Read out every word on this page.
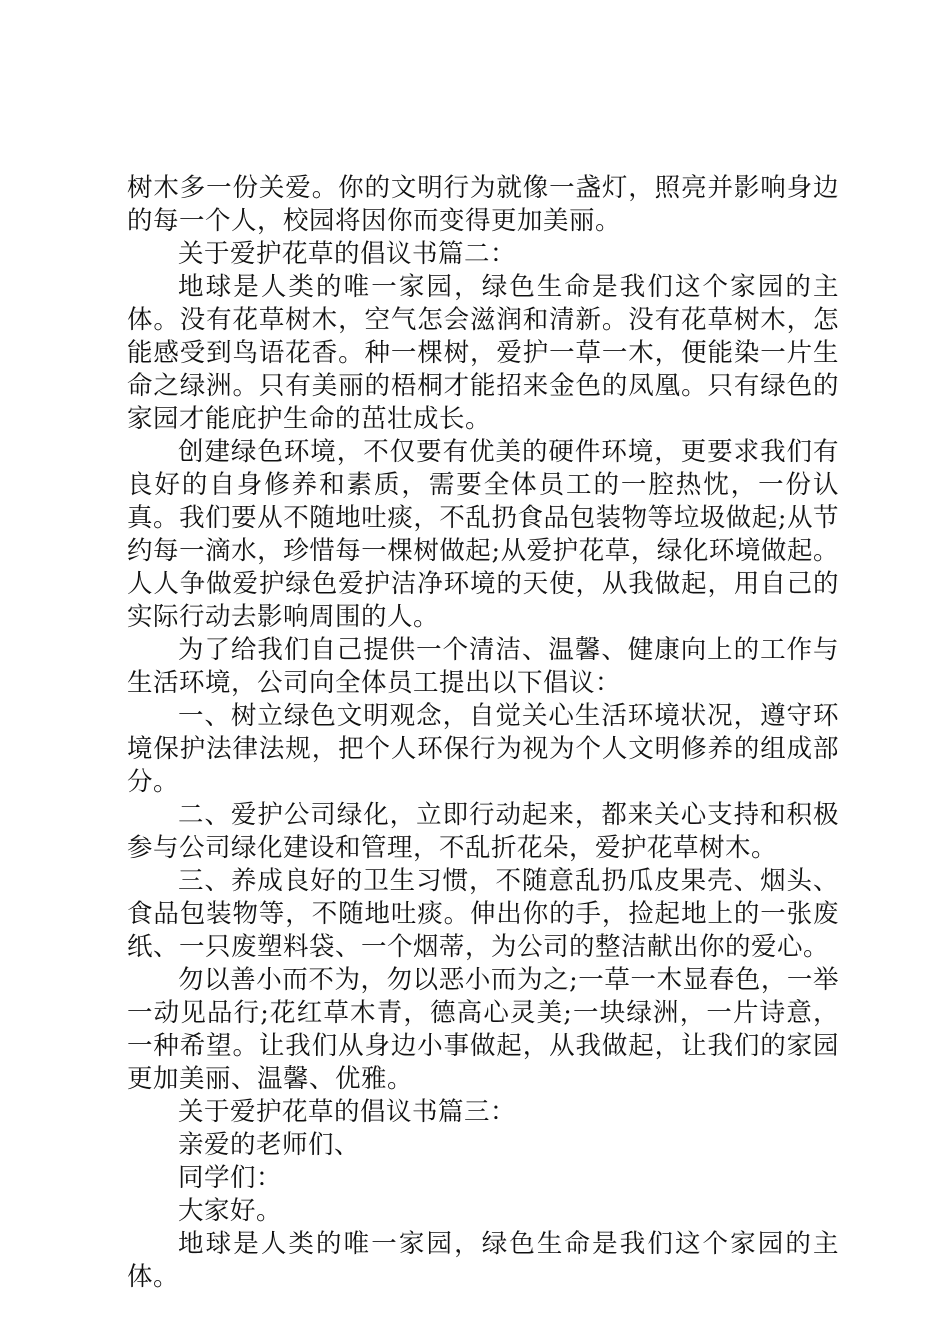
树木多一份关爱。你的文明行为就像一盏灯，照亮并影响身边的每一个人，校园将因你而变得更加美丽。

关于爱护花草的倡议书篇二：

地球是人类的唯一家园，绿色生命是我们这个家园的主体。没有花草树木，空气怎会滋润和清新。没有花草树木，怎能感受到鸟语花香。种一棵树，爱护一草一木，便能染一片生命之绿洲。只有美丽的梧桐才能招来金色的凤凰。只有绿色的家园才能庇护生命的茁壮成长。

创建绿色环境，不仅要有优美的硬件环境，更要求我们有良好的自身修养和素质，需要全体员工的一腔热忱，一份认真。我们要从不随地吐痰，不乱扔食品包装物等垃圾做起;从节约每一滴水，珍惜每一棵树做起;从爱护花草，绿化环境做起。人人争做爱护绿色爱护洁净环境的天使，从我做起，用自己的实际行动去影响周围的人。

为了给我们自己提供一个清洁、温馨、健康向上的工作与生活环境，公司向全体员工提出以下倡议：

一、树立绿色文明观念，自觉关心生活环境状况，遵守环境保护法律法规，把个人环保行为视为个人文明修养的组成部分。

二、爱护公司绿化，立即行动起来，都来关心支持和积极参与公司绿化建设和管理，不乱折花朵，爱护花草树木。

三、养成良好的卫生习惯，不随意乱扔瓜皮果壳、烟头、食品包装物等，不随地吐痰。伸出你的手，捡起地上的一张废纸、一只废塑料袋、一个烟蒂，为公司的整洁献出你的爱心。

勿以善小而不为，勿以恶小而为之;一草一木显春色，一举一动见品行;花红草木青，德高心灵美;一块绿洲，一片诗意，一种希望。让我们从身边小事做起，从我做起，让我们的家园更加美丽、温馨、优雅。

关于爱护花草的倡议书篇三：

亲爱的老师们、

同学们：

大家好。

地球是人类的唯一家园，绿色生命是我们这个家园的主体。
